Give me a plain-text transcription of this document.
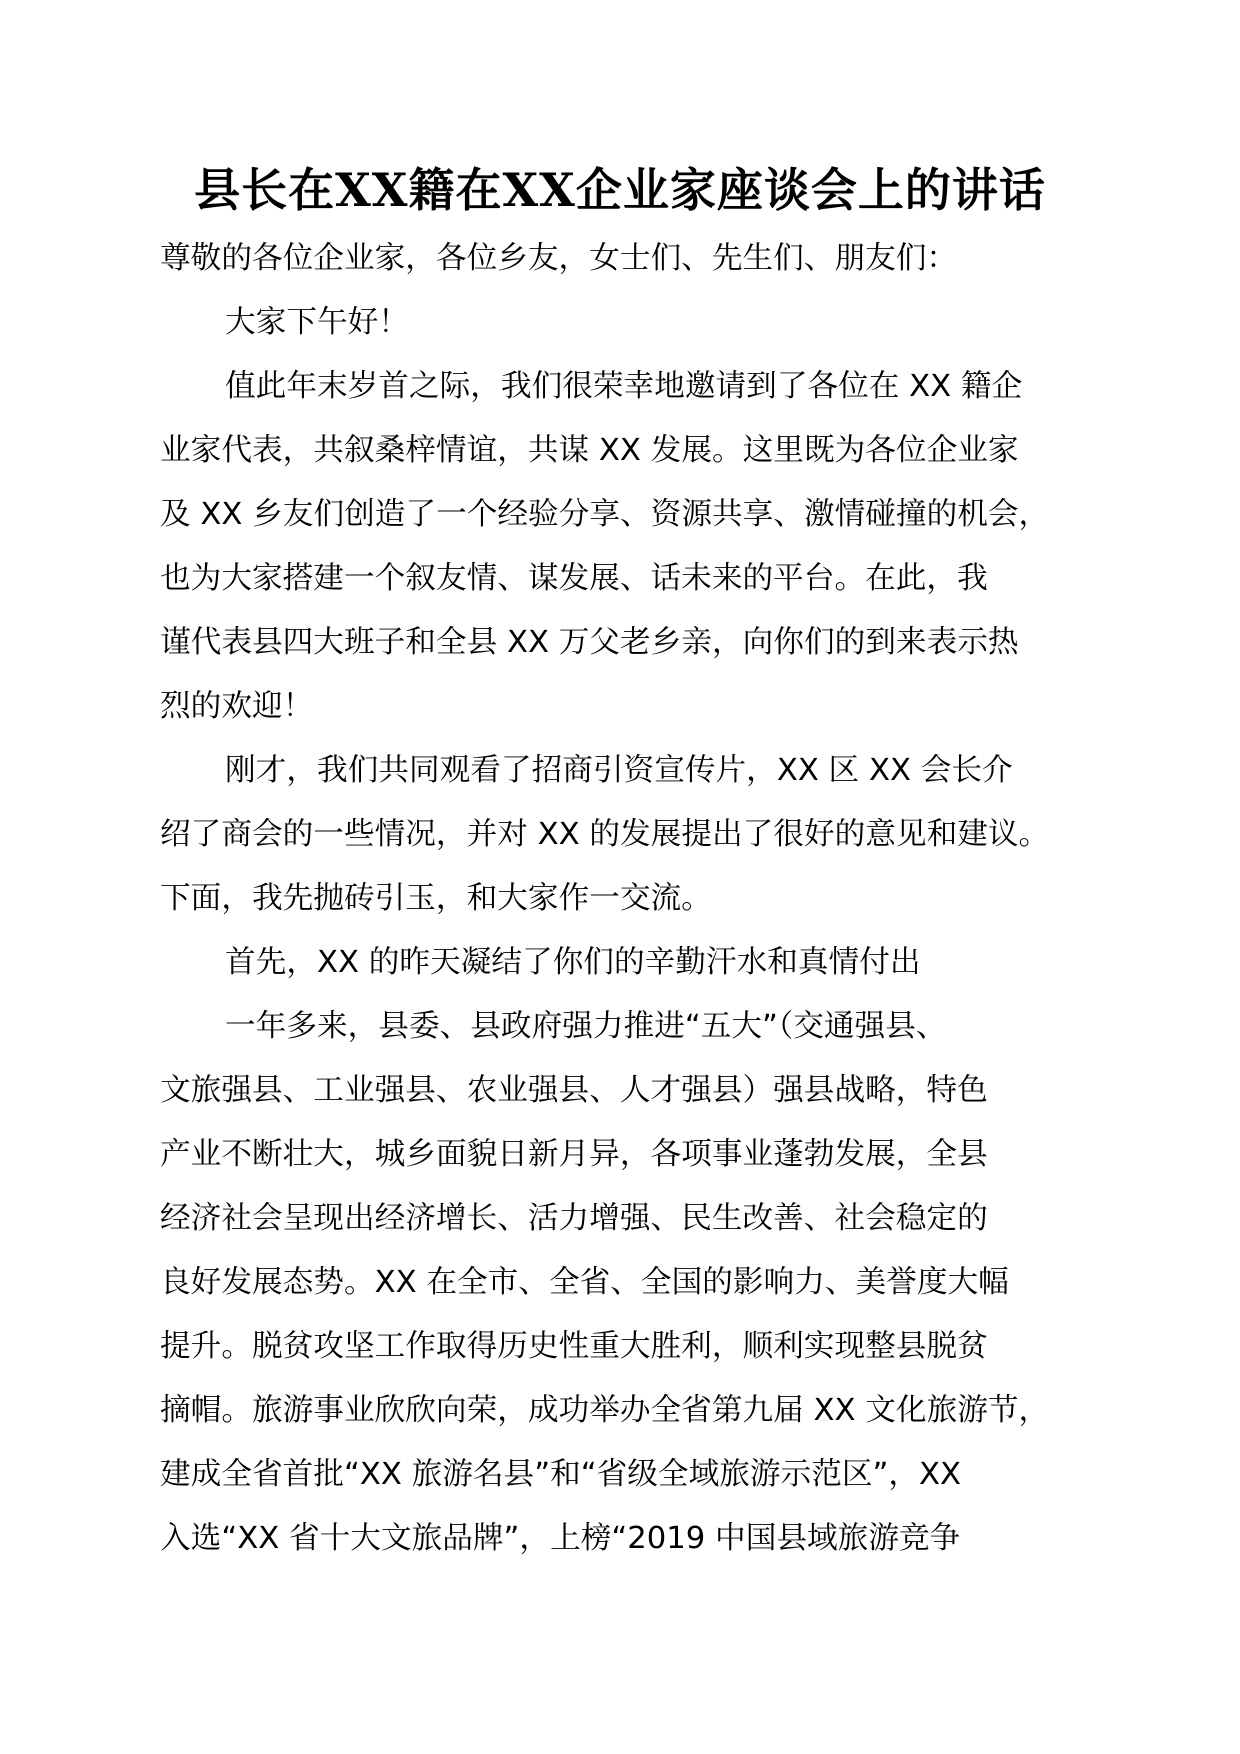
县长在XX籍在XX企业家座谈会上的讲话
尊敬的各位企业家，各位乡友，女士们、先生们、朋友们：
大家下午好！
值此年末岁首之际，我们很荣幸地邀请到了各位在 XX 籍企
业家代表，共叙桑梓情谊，共谋 XX 发展。这里既为各位企业家
及 XX 乡友们创造了一个经验分享、资源共享、激情碰撞的机会，
也为大家搭建一个叙友情、谋发展、话未来的平台。在此，我
谨代表县四大班子和全县 XX 万父老乡亲，向你们的到来表示热
烈的欢迎！
刚才，我们共同观看了招商引资宣传片，XX 区 XX 会长介
绍了商会的一些情况，并对 XX 的发展提出了很好的意见和建议。
下面，我先抛砖引玉，和大家作一交流。
首先，XX 的昨天凝结了你们的辛勤汗水和真情付出
一年多来，县委、县政府强力推进“五大”（交通强县、
文旅强县、工业强县、农业强县、人才强县）强县战略，特色
产业不断壮大，城乡面貌日新月异，各项事业蓬勃发展，全县
经济社会呈现出经济增长、活力增强、民生改善、社会稳定的
良好发展态势。XX 在全市、全省、全国的影响力、美誉度大幅
提升。脱贫攻坚工作取得历史性重大胜利，顺利实现整县脱贫
摘帽。旅游事业欣欣向荣，成功举办全省第九届 XX 文化旅游节，
建成全省首批“XX 旅游名县”和“省级全域旅游示范区”，XX
入选“XX 省十大文旅品牌”，上榜“2019 中国县域旅游竞争
